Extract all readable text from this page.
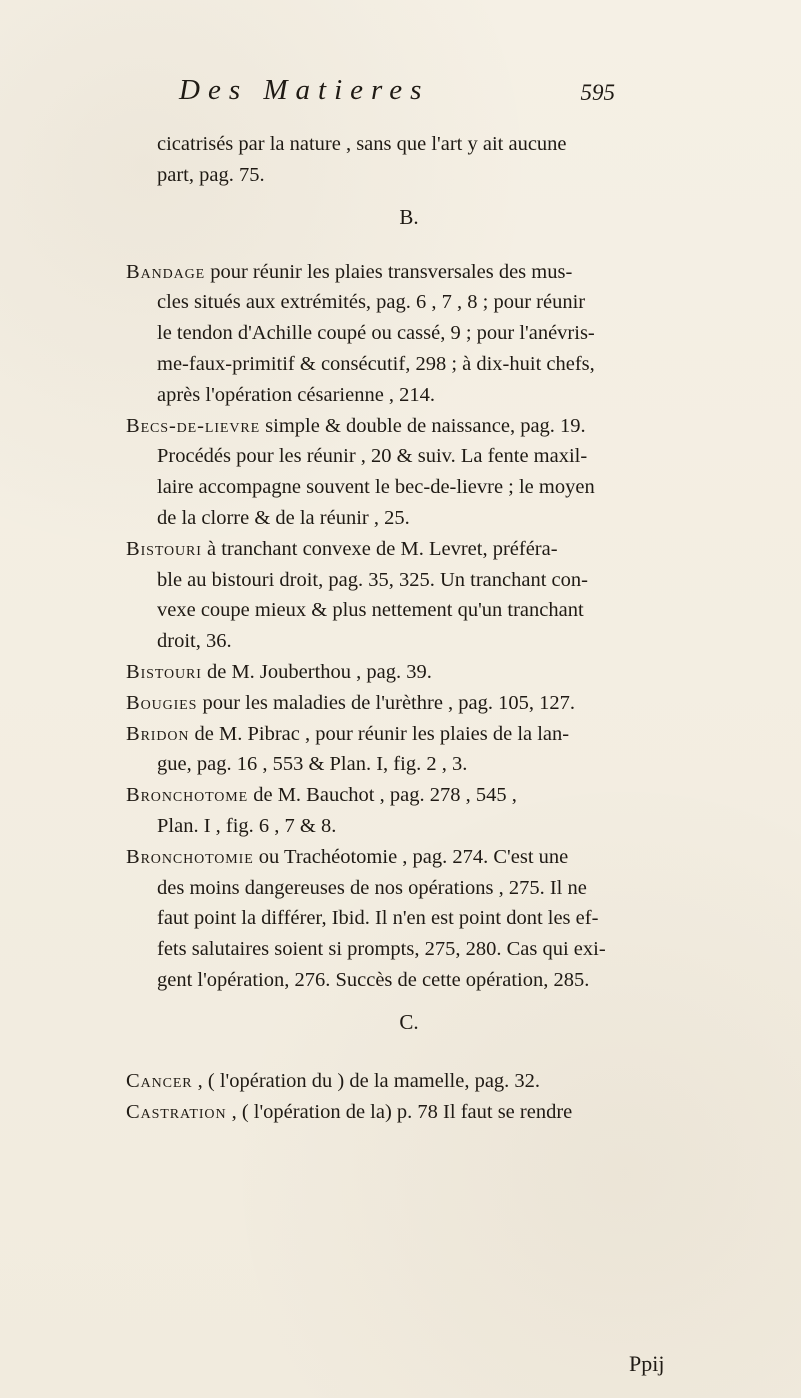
Des Matieres	595
cicatrisés par la nature , sans que l'art y ait aucune
part, pag. 75.
B.
Bandage pour réunir les plaies transversales des mus-
cles situés aux extrémités, pag. 6 , 7 , 8 ; pour réunir
le tendon d'Achille coupé ou cassé, 9 ; pour l'anévris-
me-faux-primitif & consécutif, 298 ; à dix-huit chefs,
après l'opération césarienne , 214.
Becs-de-lievre simple & double de naissance, pag. 19.
Procédés pour les réunir , 20 & suiv. La fente maxil-
laire accompagne souvent le bec-de-lievre ; le moyen
de la clorre & de la réunir , 25.
Bistouri à tranchant convexe de M. Levret, préféra-
ble au bistouri droit, pag. 35, 325. Un tranchant con-
vexe coupe mieux & plus nettement qu'un tranchant
droit, 36.
Bistouri de M. Jouberthou , pag. 39.
Bougies pour les maladies de l'urèthre , pag. 105, 127.
Bridon de M. Pibrac , pour réunir les plaies de la lan-
gue, pag. 16 , 553 & Plan. I, fig. 2 , 3.
Bronchotome de M. Bauchot , pag. 278 , 545 ,
Plan. I , fig. 6 , 7 & 8.
Bronchotomie ou Trachéotomie , pag. 274. C'est une
des moins dangereuses de nos opérations , 275. Il ne
faut point la différer, Ibid. Il n'en est point dont les ef-
fets salutaires soient si prompts, 275, 280. Cas qui exi-
gent l'opération, 276. Succès de cette opération, 285.
C.
Cancer , ( l'opération du ) de la mamelle, pag. 32.
Castration , ( l'opération de la) p. 78 Il faut se rendre
Ppij
